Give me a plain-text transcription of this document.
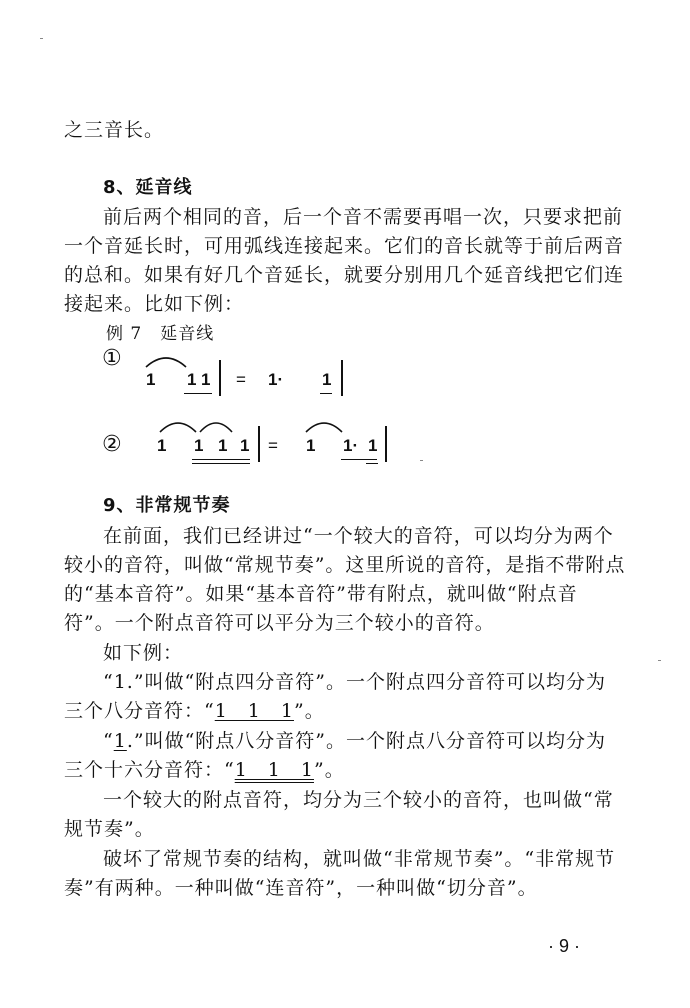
之三音长。
8、延音线
前后两个相同的音，后一个音不需要再唱一次，只要求把前
一个音延长时，可用弧线连接起来。它们的音长就等于前后两音
的总和。如果有好几个音延长，就要分别用几个延音线把它们连
接起来。比如下例：
例 7　延音线
①
1 1 1 = 1· 1
② 1 1 1 1 = 1 1· 1
9、非常规节奏
在前面，我们已经讲过“一个较大的音符，可以均分为两个
较小的音符，叫做“常规节奏”。这里所说的音符，是指不带附点
的“基本音符”。如果“基本音符”带有附点，就叫做“附点音
符”。一个附点音符可以平分为三个较小的音符。
如下例：
“1.”叫做“附点四分音符”。一个附点四分音符可以均分为
三个八分音符：“1　1　1”。
“1.”叫做“附点八分音符”。一个附点八分音符可以均分为
三个十六分音符：“1　1　1”。
一个较大的附点音符，均分为三个较小的音符，也叫做“常
规节奏”。
破坏了常规节奏的结构，就叫做“非常规节奏”。“非常规节
奏”有两种。一种叫做“连音符”，一种叫做“切分音”。
· 9 ·
